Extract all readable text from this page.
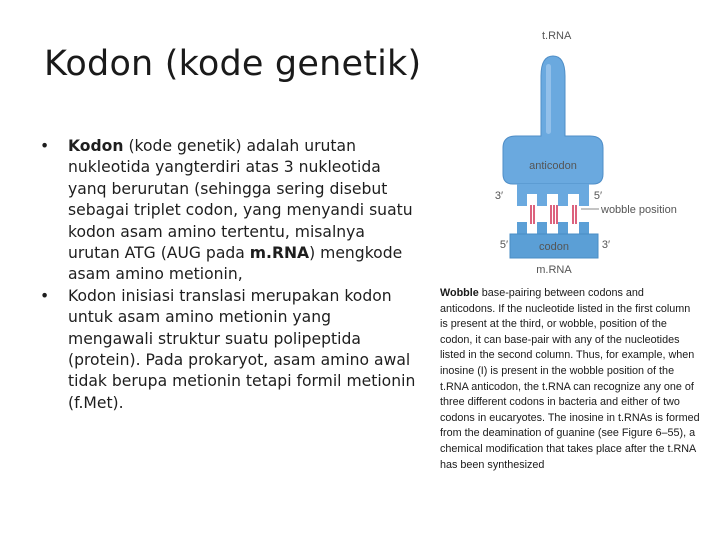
Kodon (kode genetik)
• Kodon (kode genetik) adalah urutan nukleotida yangterdiri atas 3 nukleotida yanq berurutan (sehingga sering disebut sebagai triplet codon, yang menyandi suatu kodon asam amino tertentu, misalnya urutan ATG (AUG pada m.RNA) mengkode asam amino metionin,
• Kodon inisiasi translasi merupakan kodon untuk asam amino metionin yang mengawali struktur suatu polipeptida (protein). Pada prokaryot, asam amino awal tidak berupa metionin tetapi formil metionin (f.Met).
t.RNA
anticodon
3′	5′
wobble position
codon
5′	3′
m.RNA

Wobble base-pairing between codons and anticodons. If the nucleotide listed in the first column is present at the third, or wobble, position of the codon, it can base-pair with any of the nucleotides listed in the second column. Thus, for example, when inosine (I) is present in the wobble position of the t.RNA anticodon, the t.RNA can recognize any one of three different codons in bacteria and either of two codons in eucaryotes. The inosine in t.RNAs is formed from the deamination of guanine (see Figure 6–55), a chemical modification that takes place after the t.RNA has been synthesized
